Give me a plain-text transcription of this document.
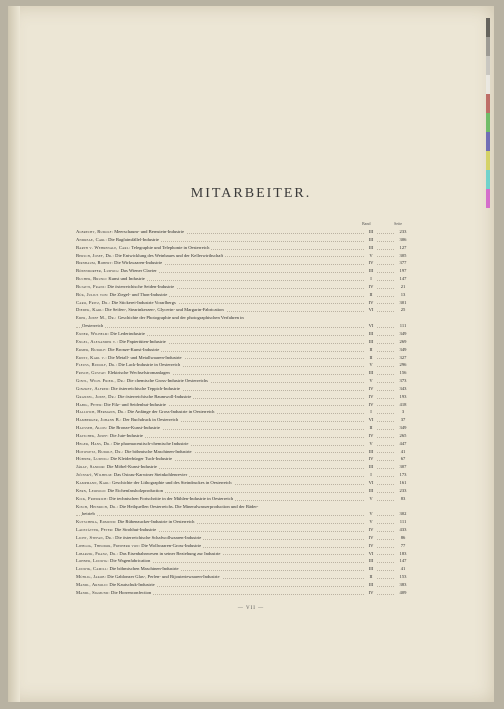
MITARBEITER.
Band	Seite
Albrecht, Rudolf: Meerschaum- und Bernstein-Industrie	III	233
Andreae, Carl: Die Bagfaimfällel-Industrie	III	306
Barth v. Wehrenalp, Carl: Telegraphie und Telephonie in Oesterreich	III	127
Bersch, Josef, Dr.: Die Entwicklung des Weinbaues und der Kellerwirthschaft	V	305
Birnbaum, Robert: Die Wirkwaaren-Industrie	IV	377
Bösendorfer, Ludwig: Das Wiener Clavier	III	197
Bucher, Bruno: Kunst und Industrie	I	147
Bujatti, Franz: Die österreichische Seiden-Industrie	IV	21
Bük, Julius von: Die Ziegel- und Thon-Industrie	II	13
Caro, Fritz, Dr.: Die Stickerei-Industrie Vorarlbergs	IV	301
Diedek, Karl: Die Seifen-, Stearinkerzen-, Glycerin- und Margarin-Fabrication	VI	25
Eder, Josef M., Dr.: Geschichte der Photographie und der photographischen Verfahren in
Oesterreich	VI	111
Exner, Wilhelm: Die Lederindustrie	III	349
Engel, Alexander v.: Die Papiertüten-Industrie	III	269
Ermer, Rudolf: Die Bronze-Kunst-Industrie	II	349
Ernst, Karl v.: Die Metall- und Metallwaaren-Industrie	II	327
Fleuss, Rudolf, Dr.: Die Lack-Industrie in Oesterreich	V	296
Frisch, Gustav: Elektrische Wechselstromanlagen	III	156
Gintl, Wilh. Fried., Dr.: Die chemische Gross-Industrie Oesterreichs	V	373
Ginzkey, Alfred: Die österreichische Teppich-Industrie	IV	343
Granzel, Josef, Dr.: Die österreichische Baumwoll-Industrie	IV	193
Habig, Peter: Die Filz- und Seidenhut-Industrie	IV	418
Hallwich, Hermann, Dr.: Die Anfänge der Gross-Industrie in Oesterreich	I	3
Hamberger, Johann B.: Der Buchdruck in Oesterreich	VI	37
Hausseh, Alois: Die Bronze-Kunst-Industrie	II	349
Hatschek, Josef: Die Jute-Industrie	IV	265
Heger, Hans, Dr.: Die pharmaceutisch-chemische Industrie	V	447
Hotowetz, Rudolf, Dr.: Die böhmische Maschinen-Industrie	III	41
Hübner, Ludwig: Die Kleiderbürger Tuch-Industrie	IV	67
Járay, Sandor: Die Möbel-Kunst-Industrie	III	307
Jičinský, Wilhelm: Das Ostrau-Karwiner Steinkohlenrevier	I	173
Kampmann, Karl: Geschichte der Lithographie und des Steindruckes in Oesterreich	VI	161
Kern, Leopold: Die Eichenfassholzproduction	III	233
Kick, Friedrich: Die technischen Fortschritte in der Mühlen-Industrie in Oesterreich	V	83
Kisch, Heinrich, Dr.: Die Heilquellen Oesterreichs. Die Mineralwasserproduction und der Bäder-
betrieb	V	302
Kutschera, Edmund: Die Rübenzucker-Industrie in Oesterreich	V	111
Ladstätter, Peter: Die Strohhut-Industrie	IV	433
Licht, Stefan, Dr.: Die österreichische Schafwollwaaren-Industrie	IV	86
Lieblog, Theodor, Freiherr von: Die Wollwaaren-Gross-Industrie	IV	77
Libarzik, Franz, Dr.: Das Eisenbahnwesen in seiner Beziehung zur Industrie	VI	183
Lohner, Ludwig: Die Wagenfabrication	III	147
Ludwik, Camill: Die böhmischen Maschinen-Industrie	III	41
Mühlig, Jakob: Die Gablonzer Glas-, Perlen- und Bijouteriewaaren-Industrie	II	153
Mandl, Arnold: Die Kautschuk-Industrie	III	383
Mandl, Sigmund: Die Horrenconfection	IV	409
— VII —
